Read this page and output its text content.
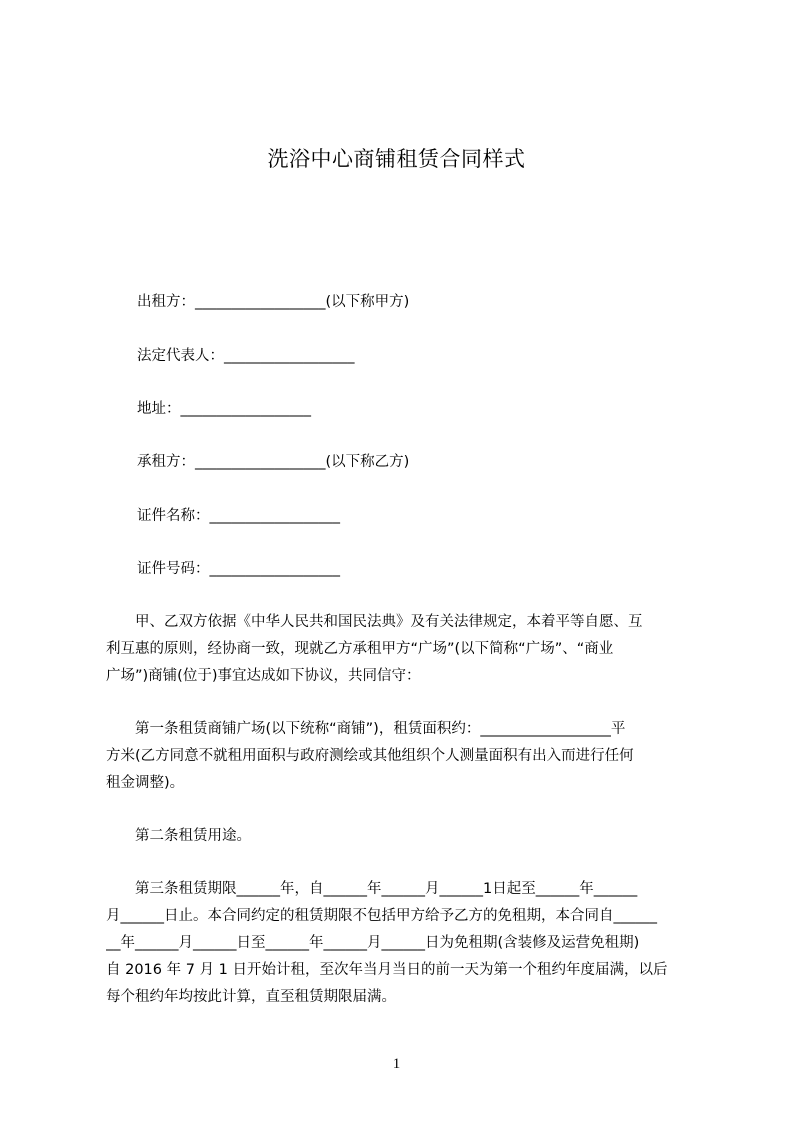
洗浴中心商铺租赁合同样式
出租方：__________________(以下称甲方)
法定代表人：__________________
地址：__________________
承租方：__________________(以下称乙方)
证件名称：__________________
证件号码：__________________
　　甲、乙双方依据《中华人民共和国民法典》及有关法律规定，本着平等自愿、互
利互惠的原则，经协商一致，现就乙方承租甲方“广场”(以下简称“广场”、“商业
广场”)商铺(位于)事宜达成如下协议，共同信守：
　　第一条租赁商铺广场(以下统称“商铺”)，租赁面积约：__________________平
方米(乙方同意不就租用面积与政府测绘或其他组织个人测量面积有出入而进行任何
租金调整)。
　　第二条租赁用途。
　　第三条租赁期限______年，自______年______月______1日起至______年______
月______日止。本合同约定的租赁期限不包括甲方给予乙方的免租期，本合同自______
__年______月______日至______年______月______日为免租期(含装修及运营免租期)
自 2016 年 7 月 1 日开始计租，至次年当月当日的前一天为第一个租约年度届满，以后
每个租约年均按此计算，直至租赁期限届满。
1
